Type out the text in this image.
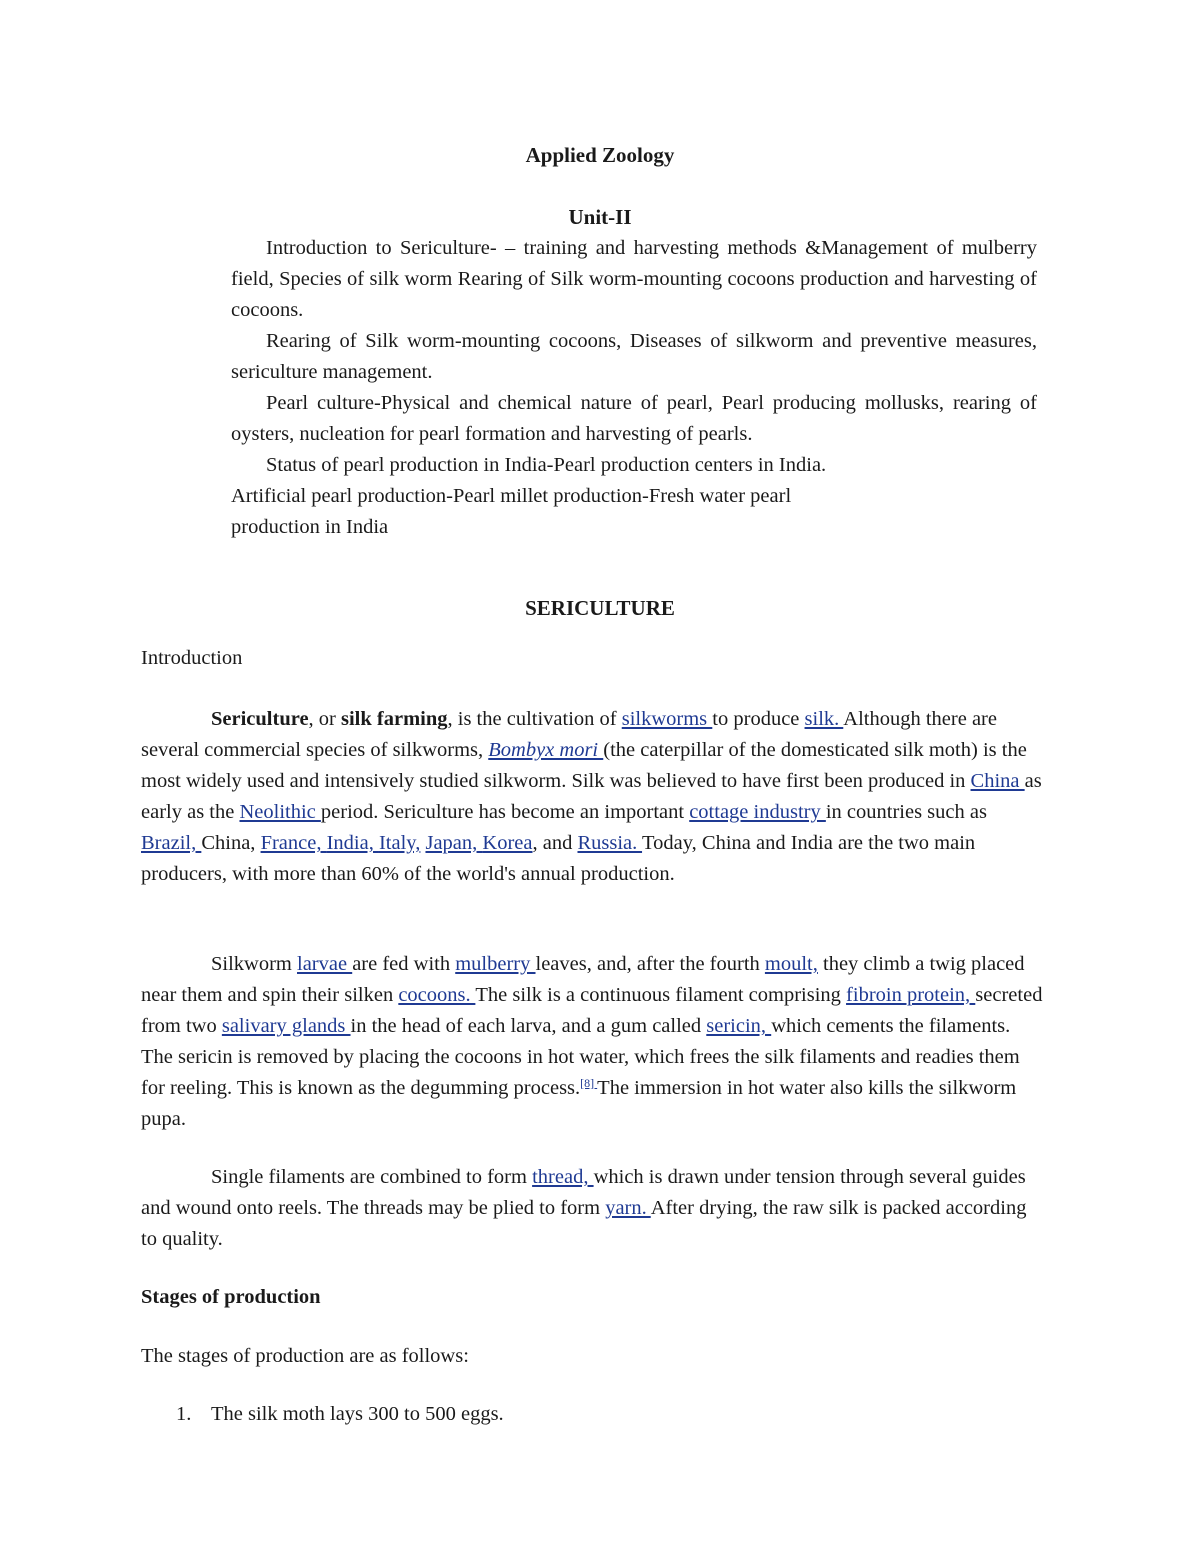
Applied Zoology
Unit-II

Introduction to Sericulture- – training and harvesting methods &Management of mulberry field, Species of silk worm Rearing of Silk worm-mounting cocoons production and harvesting of cocoons.

Rearing of Silk worm-mounting cocoons, Diseases of silkworm and preventive measures, sericulture management.

Pearl culture-Physical and chemical nature of pearl, Pearl producing mollusks, rearing of oysters, nucleation for pearl formation and harvesting of pearls.

Status of pearl production in India-Pearl production centers in India.

Artificial pearl production-Pearl millet production-Fresh water pearl

production in India

SERICULTURE
Introduction

Sericulture, or silk farming, is the cultivation of silkworms to produce silk. Although there are several commercial species of silkworms, Bombyx mori (the caterpillar of the domesticated silk moth) is the most widely used and intensively studied silkworm. Silk was believed to have first been produced in China as early as the Neolithic period. Sericulture has become an important cottage industry in countries such as Brazil, China, France, India, Italy, Japan, Korea, and Russia. Today, China and India are the two main producers, with more than 60% of the world's annual production.

Silkworm larvae are fed with mulberry leaves, and, after the fourth moult, they climb a twig placed near them and spin their silken cocoons. The silk is a continuous filament comprising fibroin protein, secreted from two salivary glands in the head of each larva, and a gum called sericin, which cements the filaments. The sericin is removed by placing the cocoons in hot water, which frees the silk filaments and readies them for reeling. This is known as the degumming process.[8] The immersion in hot water also kills the silkworm pupa.

Single filaments are combined to form thread, which is drawn under tension through several guides and wound onto reels. The threads may be plied to form yarn. After drying, the raw silk is packed according to quality.

Stages of production
The stages of production are as follows:
1. The silk moth lays 300 to 500 eggs.
